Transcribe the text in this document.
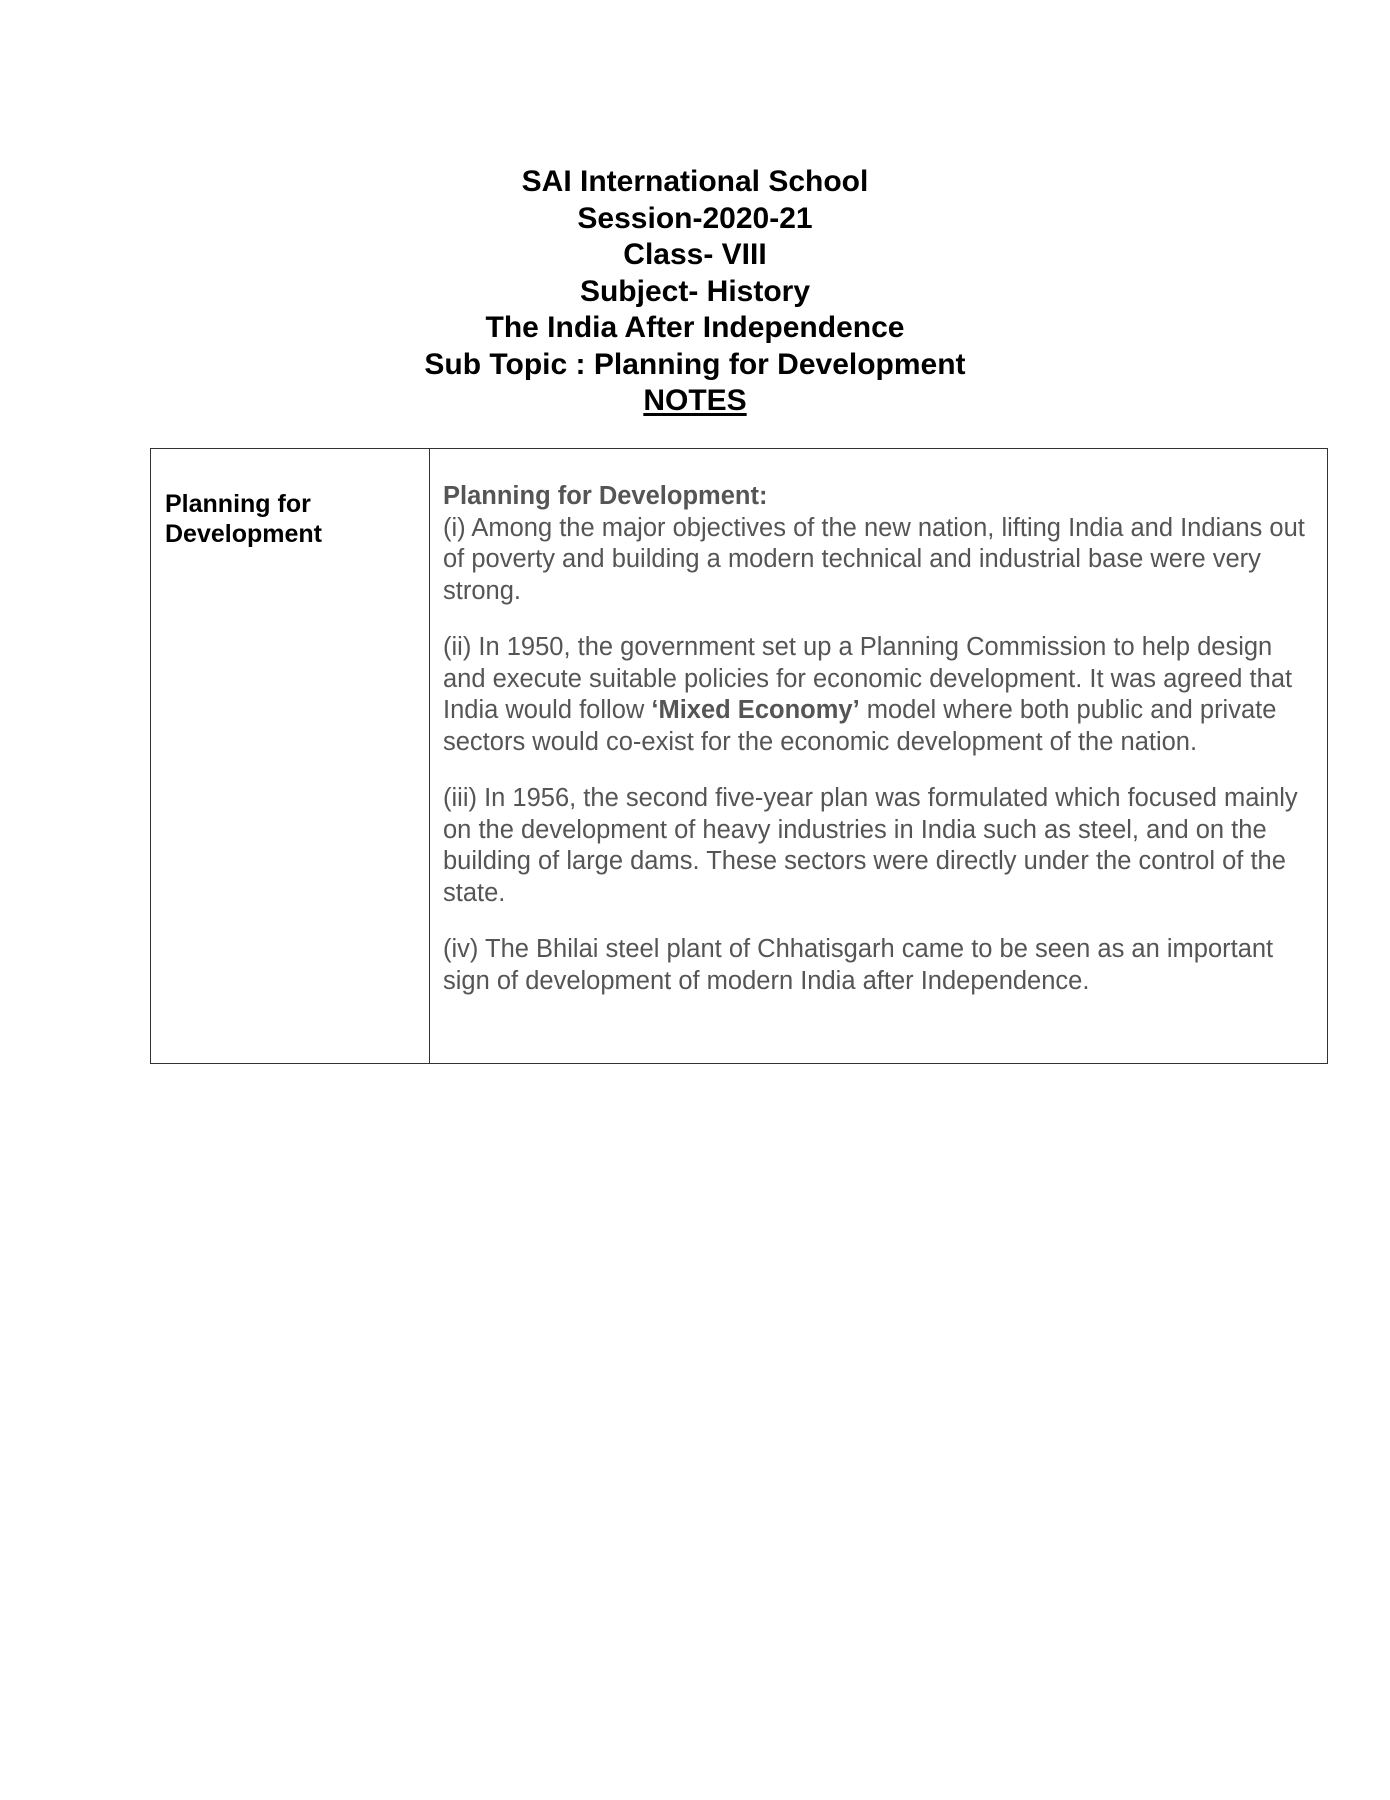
SAI International School
Session-2020-21
Class- VIII
Subject- History
The India After Independence
Sub Topic : Planning for Development
NOTES
Planning for Development
Planning for Development:

(i) Among the major objectives of the new nation, lifting India and Indians out of poverty and building a modern technical and industrial base were very strong.

(ii) In 1950, the government set up a Planning Commission to help design and execute suitable policies for economic development. It was agreed that India would follow ‘Mixed Economy’ model where both public and private sectors would co-exist for the economic development of the nation.

(iii) In 1956, the second five-year plan was formulated which focused mainly on the development of heavy industries in India such as steel, and on the building of large dams. These sectors were directly under the control of the state.

(iv) The Bhilai steel plant of Chhatisgarh came to be seen as an important sign of development of modern India after Independence.
